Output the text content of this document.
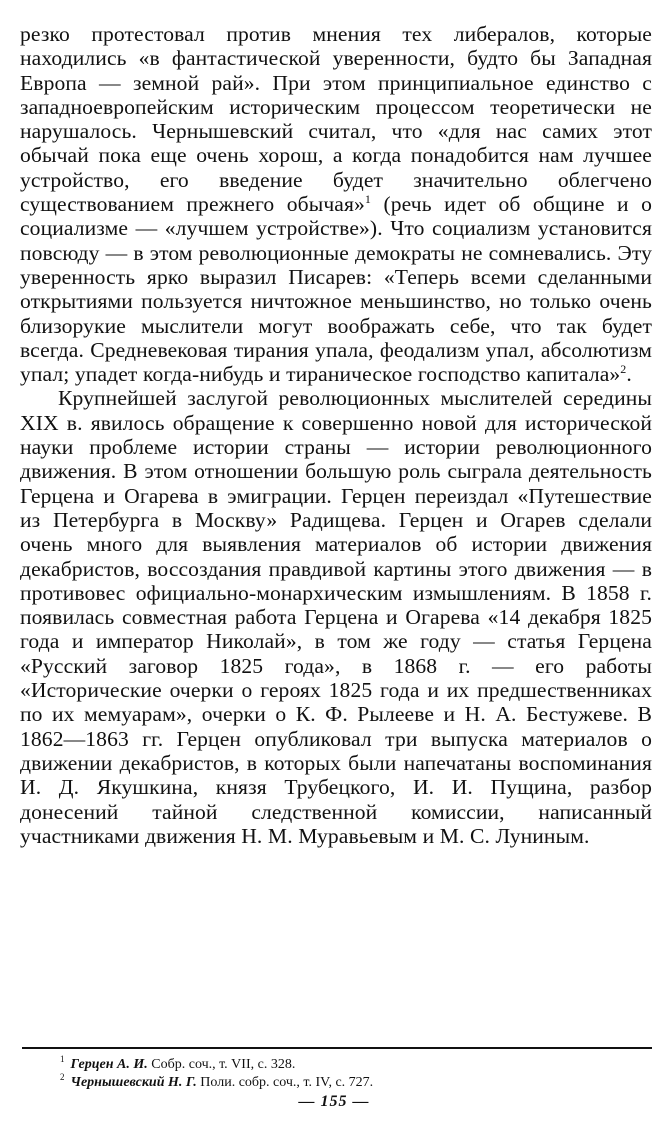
резко протестовал против мнения тех либералов, которые находились «в фантастической уверенности, будто бы Западная Европа — земной рай». При этом принципиальное единство с западноевропейским историческим процессом теоретически не нарушалось. Чернышевский считал, что «для нас самих этот обычай пока еще очень хорош, а когда понадобится нам лучшее устройство, его введение будет значительно облегчено существованием прежнего обычая»$^1$ (речь идет об общине и о социализме — «лучшем устройстве»). Что социализм установится повсюду — в этом революционные демократы не сомневались. Эту уверенность ярко выразил Писарев: «Теперь всеми сделанными открытиями пользуется ничтожное меньшинство, но только очень близорукие мыслители могут воображать себе, что так будет всегда. Средневековая тирания упала, феодализм упал, абсолютизм упал; упадет когда-нибудь и тираническое господство капитала»$^2$.

Крупнейшей заслугой революционных мыслителей середины XIX в. явилось обращение к совершенно новой для исторической науки проблеме истории страны — истории революционного движения. В этом отношении большую роль сыграла деятельность Герцена и Огарева в эмиграции. Герцен переиздал «Путешествие из Петербурга в Москву» Радищева. Герцен и Огарев сделали очень много для выявления материалов об истории движения декабристов, воссоздания правдивой картины этого движения — в противовес официально-монархическим измышлениям. В 1858 г. появилась совместная работа Герцена и Огарева «14 декабря 1825 года и император Николай», в том же году — статья Герцена «Русский заговор 1825 года», в 1868 г. — его работы «Исторические очерки о героях 1825 года и их предшественниках по их мемуарам», очерки о К. Ф. Рылееве и Н. А. Бестужеве. В 1862—1863 гг. Герцен опубликовал три выпуска материалов о движении декабристов, в которых были напечатаны воспоминания И. Д. Якушкина, князя Трубецкого, И. И. Пущина, разбор донесений тайной следственной комиссии, написанный участниками движения Н. М. Муравьевым и М. С. Луниным.

$^1$ Герцен А. И. Собр. соч., т. VII, с. 328.

$^2$ Чернышевский Н. Г. Поли. собр. соч., т. IV, с. 727.

— 155 —
